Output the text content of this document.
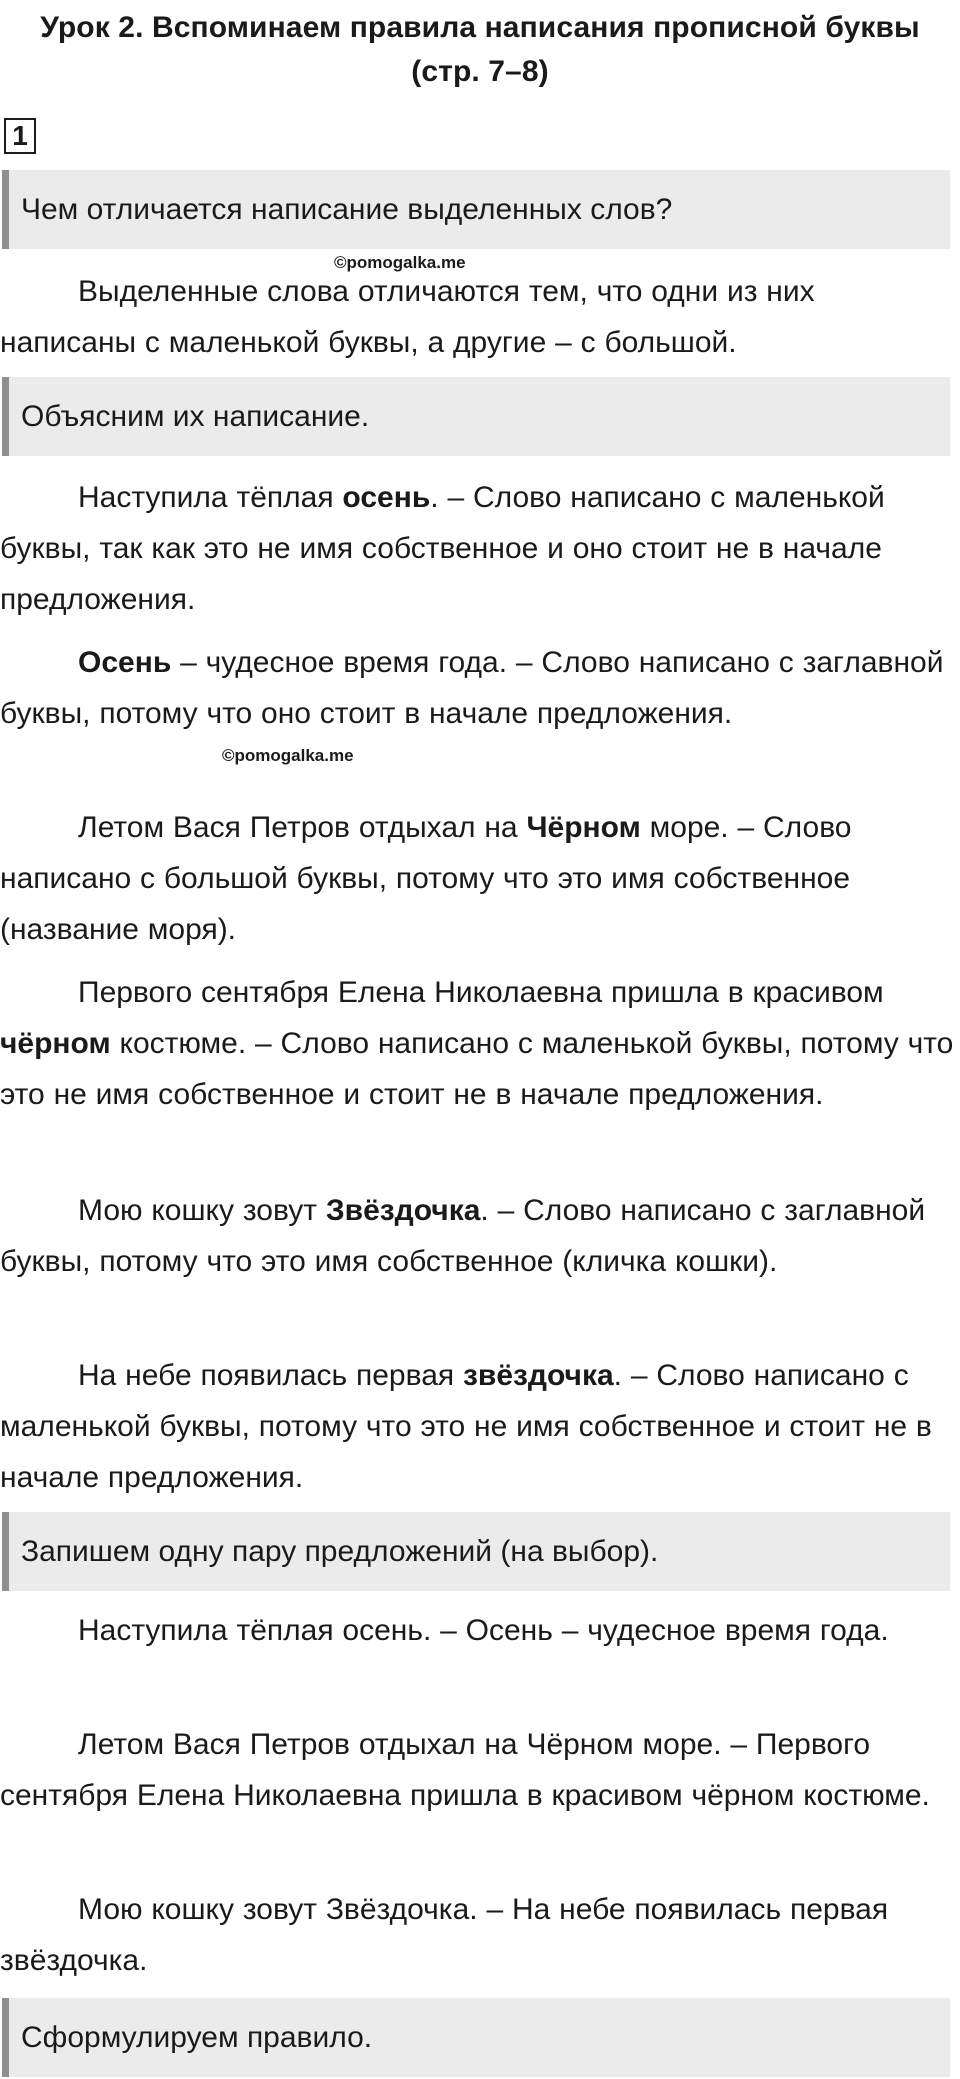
Урок 2. Вспоминаем правила написания прописной буквы
(стр. 7–8)
1
Чем отличается написание выделенных слов?
©pomogalka.me

Выделенные слова отличаются тем, что одни из них написаны с маленькой буквы, а другие – с большой.

Объясним их написание.

Наступила тёплая осень. – Слово написано с маленькой буквы, так как это не имя собственное и оно стоит не в начале предложения.

Осень – чудесное время года. – Слово написано с заглавной буквы, потому что оно стоит в начале предложения.

©pomogalka.me

Летом Вася Петров отдыхал на Чёрном море. – Слово написано с большой буквы, потому что это имя собственное (название моря).

Первого сентября Елена Николаевна пришла в красивом чёрном костюме. – Слово написано с маленькой буквы, потому что это не имя собственное и стоит не в начале предложения.

Мою кошку зовут Звёздочка. – Слово написано с заглавной буквы, потому что это имя собственное (кличка кошки).

На небе появилась первая звёздочка. – Слово написано с маленькой буквы, потому что это не имя собственное и стоит не в начале предложения.

Запишем одну пару предложений (на выбор).

Наступила тёплая осень. – Осень – чудесное время года.

Летом Вася Петров отдыхал на Чёрном море. – Первого сентября Елена Николаевна пришла в красивом чёрном костюме.

Мою кошку зовут Звёздочка. – На небе появилась первая звёздочка.

Сформулируем правило.
